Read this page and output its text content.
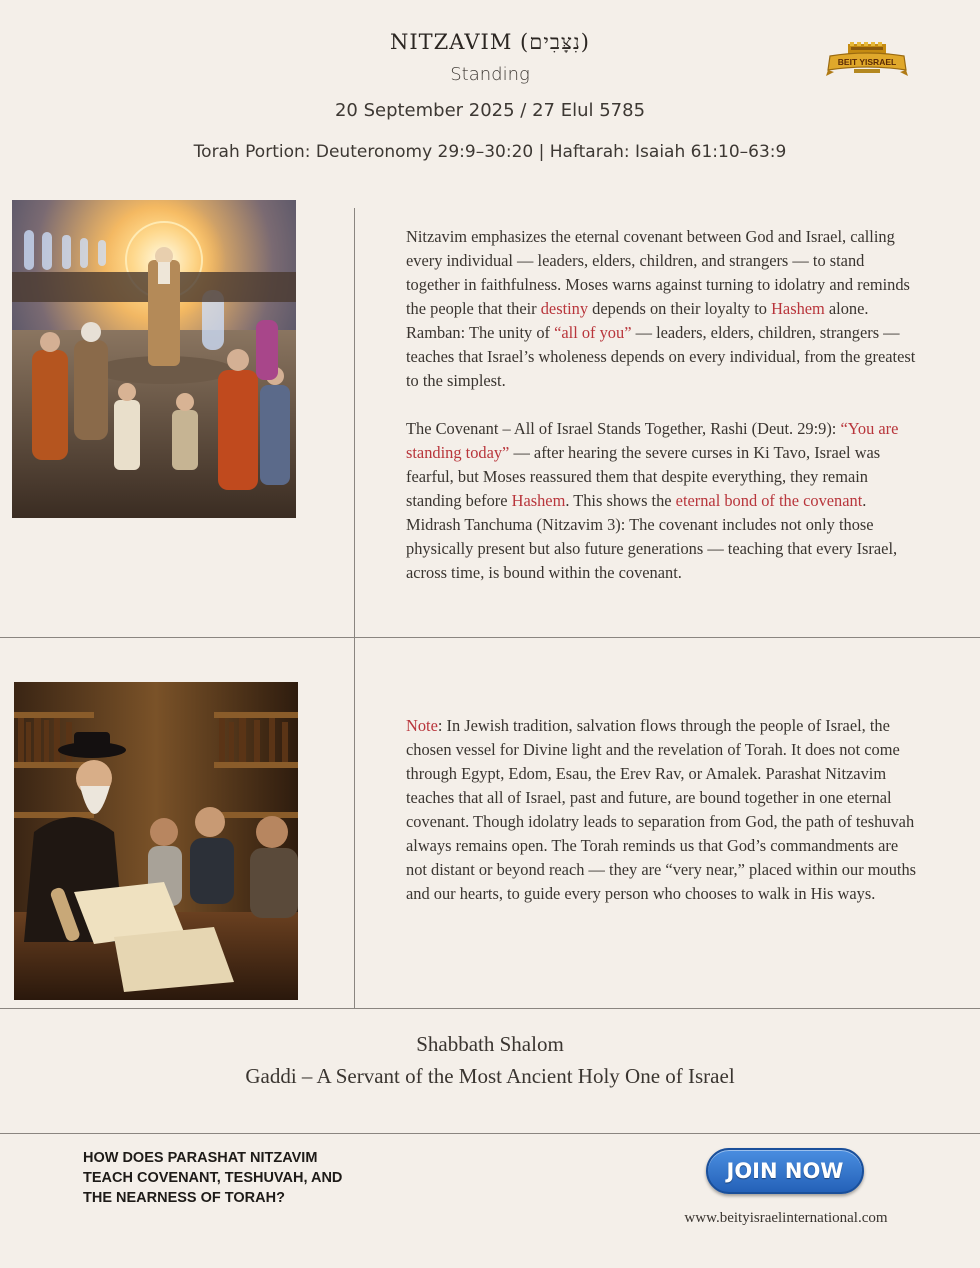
NITZAVIM (נִצָּבִים)
Standing
20 September 2025 / 27 Elul 5785
Torah Portion: Deuteronomy 29:9–30:20 | Haftarah: Isaiah 61:10–63:9
BEIT YISRAEL

Nitzavim emphasizes the eternal covenant between God and Israel, calling every individual — leaders, elders, children, and strangers — to stand together in faithfulness. Moses warns against turning to idolatry and reminds the people that their destiny depends on their loyalty to Hashem alone. Ramban: The unity of “all of you” — leaders, elders, children, strangers — teaches that Israel’s wholeness depends on every individual, from the greatest to the simplest.

The Covenant – All of Israel Stands Together, Rashi (Deut. 29:9): “You are standing today” — after hearing the severe curses in Ki Tavo, Israel was fearful, but Moses reassured them that despite everything, they remain standing before Hashem. This shows the eternal bond of the covenant. Midrash Tanchuma (Nitzavim 3): The covenant includes not only those physically present but also future generations — teaching that every Israel, across time, is bound within the covenant.

Note: In Jewish tradition, salvation flows through the people of Israel, the chosen vessel for Divine light and the revelation of Torah. It does not come through Egypt, Edom, Esau, the Erev Rav, or Amalek. Parashat Nitzavim teaches that all of Israel, past and future, are bound together in one eternal covenant. Though idolatry leads to separation from God, the path of teshuvah always remains open. The Torah reminds us that God’s commandments are not distant or beyond reach — they are “very near,” placed within our mouths and our hearts, to guide every person who chooses to walk in His ways.

Shabbath Shalom
Gaddi – A Servant of the Most Ancient Holy One of Israel
HOW DOES PARASHAT NITZAVIM TEACH COVENANT, TESHUVAH, AND THE NEARNESS OF TORAH?
JOIN NOW
www.beityisraelinternational.com
